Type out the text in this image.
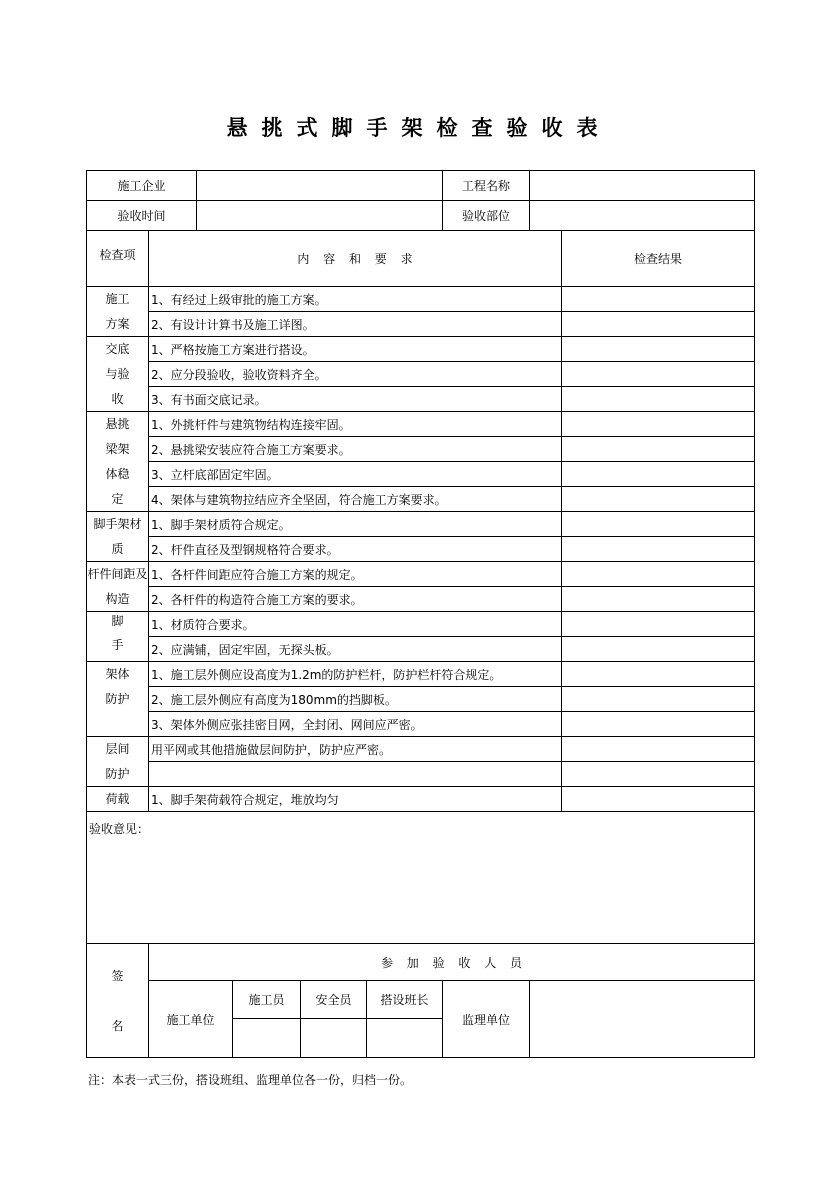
悬挑式脚手架检查验收表
施工企业						工程名称		
验收时间						验收部位		

检查项	内 容 和 要 求							检查结果

施工方案	1、有经过上级审批的施工方案。							
	2、有设计计算书及施工详图。							

交底与验收	1、严格按施工方案进行搭设。							
	2、应分段验收，验收资料齐全。							
	3、有书面交底记录。							

悬挑梁架体稳定	1、外挑杆件与建筑物结构连接牢固。							
	2、悬挑梁安装应符合施工方案要求。							
	3、立杆底部固定牢固。							
	4、架体与建筑物拉结应齐全坚固，符合施工方案要求。							

脚手架材 质	1、脚手架材质符合规定。							
	2、杆件直径及型钢规格符合要求。							

杆件间距及构造	1、各杆件间距应符合施工方案的规定。							
	2、各杆件的构造符合施工方案的要求。							

脚手	1、材质符合要求。							
	2、应满铺，固定牢固，无探头板。							

架体防护	1、施工层外侧应设高度为1.2m的防护栏杆，防护栏杆符合规定。							
	2、施工层外侧应有高度为180mm的挡脚板。							
	3、架体外侧应张挂密目网，全封闭、网间应严密。							

层间防护	用平网或其他措施做层间防护，防护应严密。							

荷载	1、脚手架荷载符合规定，堆放均匀							
验收意见：								

签名	参 加 验 收 人 员							
	施工单位		施工员	安全员	搭设班长	监理单位		

注：本表一式三份，搭设班组、监理单位各一份，归档一份。
